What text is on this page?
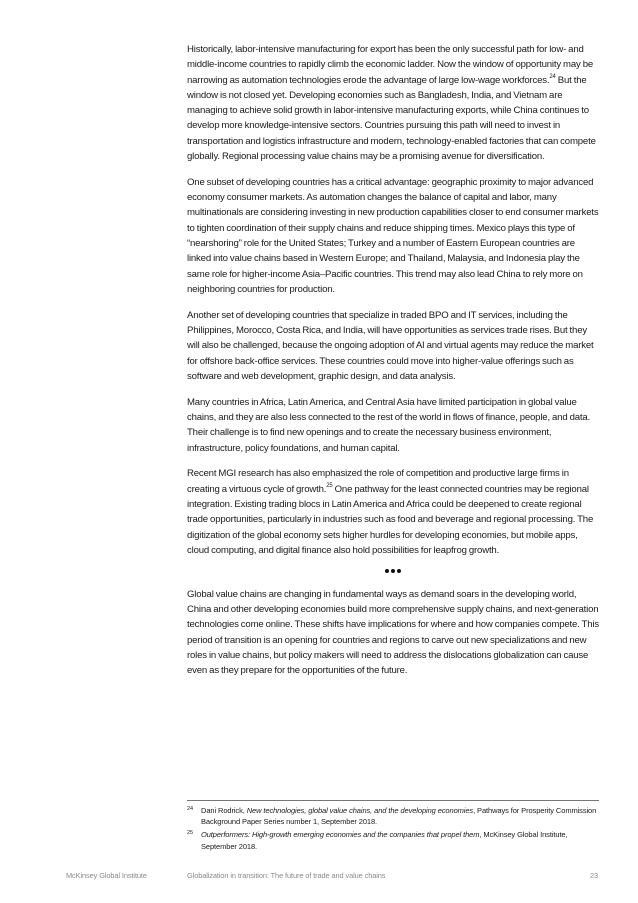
Historically, labor-intensive manufacturing for export has been the only successful path for low- and middle-income countries to rapidly climb the economic ladder. Now the window of opportunity may be narrowing as automation technologies erode the advantage of large low-wage workforces.$^{24}$ But the window is not closed yet. Developing economies such as Bangladesh, India, and Vietnam are managing to achieve solid growth in labor-intensive manufacturing exports, while China continues to develop more knowledge-intensive sectors. Countries pursuing this path will need to invest in transportation and logistics infrastructure and modern, technology-enabled factories that can compete globally. Regional processing value chains may be a promising avenue for diversification.

One subset of developing countries has a critical advantage: geographic proximity to major advanced economy consumer markets. As automation changes the balance of capital and labor, many multinationals are considering investing in new production capabilities closer to end consumer markets to tighten coordination of their supply chains and reduce shipping times. Mexico plays this type of “nearshoring” role for the United States; Turkey and a number of Eastern European countries are linked into value chains based in Western Europe; and Thailand, Malaysia, and Indonesia play the same role for higher-income Asia–Pacific countries. This trend may also lead China to rely more on neighboring countries for production.

Another set of developing countries that specialize in traded BPO and IT services, including the Philippines, Morocco, Costa Rica, and India, will have opportunities as services trade rises. But they will also be challenged, because the ongoing adoption of AI and virtual agents may reduce the market for offshore back-office services. These countries could move into higher-value offerings such as software and web development, graphic design, and data analysis.

Many countries in Africa, Latin America, and Central Asia have limited participation in global value chains, and they are also less connected to the rest of the world in flows of finance, people, and data. Their challenge is to find new openings and to create the necessary business environment, infrastructure, policy foundations, and human capital.

Recent MGI research has also emphasized the role of competition and productive large firms in creating a virtuous cycle of growth.$^{25}$ One pathway for the least connected countries may be regional integration. Existing trading blocs in Latin America and Africa could be deepened to create regional trade opportunities, particularly in industries such as food and beverage and regional processing. The digitization of the global economy sets higher hurdles for developing economies, but mobile apps, cloud computing, and digital finance also hold possibilities for leapfrog growth.

Global value chains are changing in fundamental ways as demand soars in the developing world, China and other developing economies build more comprehensive supply chains, and next-generation technologies come online. These shifts have implications for where and how companies compete. This period of transition is an opening for countries and regions to carve out new specializations and new roles in value chains, but policy makers will need to address the dislocations globalization can cause even as they prepare for the opportunities of the future.

24	Dani Rodrick, New technologies, global value chains, and the developing economies, Pathways for Prosperity Commission Background Paper Series number 1, September 2018.
25	Outperformers: High-growth emerging economies and the companies that propel them, McKinsey Global Institute, September 2018.
McKinsey Global Institute	Globalization in transition: The future of trade and value chains	23
